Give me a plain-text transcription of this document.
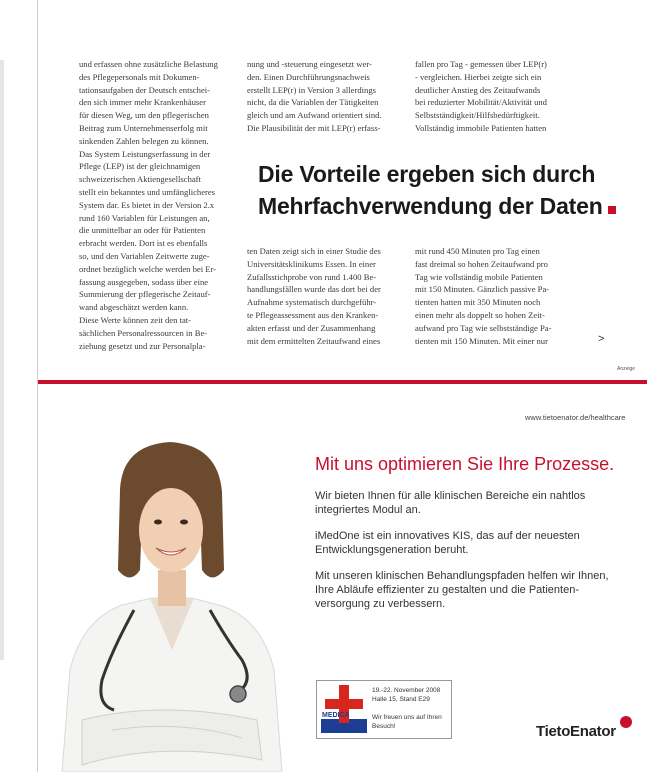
und erfassen ohne zusätzliche Belastung
des Pflegepersonals mit Dokumen-
tationsaufgaben der Deutsch entschei-
den sich immer mehr Krankenhäuser
für diesen Weg, um den pflegerischen
Beitrag zum Unternehmenserfolg mit
sinkenden Zahlen belegen zu können.
Das System Leistungserfassung in der
Pflege (LEP) ist der gleichnamigen
schweizerischen Aktiengesellschaft
stellt ein bekanntes und umfänglicheres
System dar. Es bietet in der Version 2.x
rund 160 Variablen für Leistungen an,
die unmittelbar an oder für Patienten
erbracht werden. Dort ist es ebenfalls
so, und den Variablen Zeitwerte zuge-
ordnet bezüglich welche werden bei Er-
fassung ausgegeben, sodass über eine
Summierung der pflegerische Zeitauf-
wand abgeschätzt werden kann.
Diese Werte können zeit den tat-
sächlichen Personalressourcen in Be-
ziehung gesetzt und zur Personalpla-
nung und -steuerung eingesetzt wer-
den. Einen Durchführungsnachweis
erstellt LEP(r) in Version 3 allerdings
nicht, da die Variablen der Tätigkeiten
gleich und am Aufwand orientiert sind.
Die Plausibilität der mit LEP(r) erfass-
fallen pro Tag - gemessen über LEP(r)
- vergleichen. Hierbei zeigte sich ein
deutlicher Anstieg des Zeitaufwands
bei reduzierter Mobilität/Aktivität und
Selbstständigkeit/Hilfsbedürftigkeit.
Vollständig immobile Patienten hatten
Die Vorteile ergeben sich durch
Mehrfachverwendung der Daten
ten Daten zeigt sich in einer Studie des
Universitätsklinikums Essen. In einer
Zufallsstichprobe von rund 1.400 Be-
handlungsfällen wurde das dort bei der
Aufnahme systematisch durchgeführ-
te Pflegeassessment aus den Kranken-
akten erfasst und der Zusammenhang
mit dem ermittelten Zeitaufwand eines
mit rund 450 Minuten pro Tag einen
fast dreimal so hohen Zeitaufwand pro
Tag wie vollständig mobile Patienten
mit 150 Minuten. Gänzlich passive Pa-
tienten hatten mit 350 Minuten noch
einen mehr als doppelt so hohen Zeit-
aufwand pro Tag wie selbstständige Pa-
tienten mit 150 Minuten. Mit einer nur	>
Anzeige
www.tietoenator.de/healthcare
Mit uns optimieren Sie Ihre Prozesse.

Wir bieten Ihnen für alle klinischen Bereiche ein nahtlos
integriertes Modul an.

iMedOne ist ein innovatives KIS, das auf der neuesten
Entwicklungsgeneration beruht.

Mit unseren klinischen Behandlungspfaden helfen wir Ihnen,
Ihre Abläufe effizienter zu gestalten und die Patienten-
versorgung zu verbessern.

MEDICA
19.-22. November 2008
Halle 15, Stand E29
Wir freuen uns auf Ihren
Besuch!	TietoEnator
